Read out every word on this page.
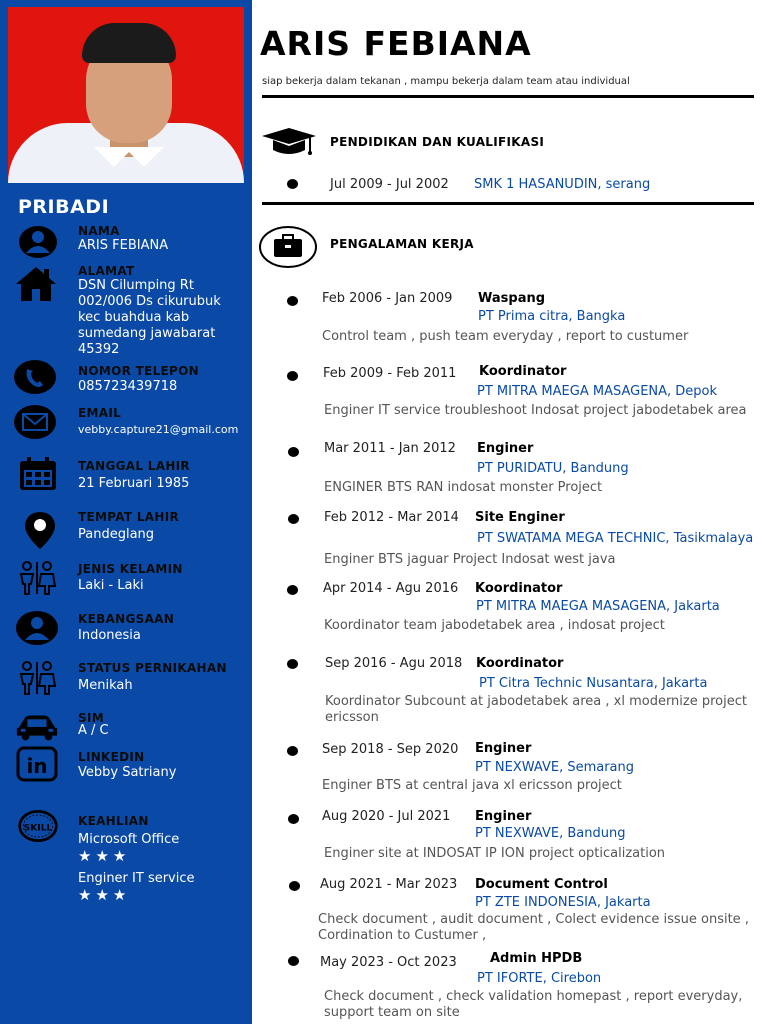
PRIBADI
NAMA
ARIS FEBIANA
ALAMAT
DSN Cilumping Rt 002/006 Ds cikurubuk kec buahdua kab sumedang jawabarat 45392
NOMOR TELEPON
085723439718
EMAIL
vebby.capture21@gmail.com
TANGGAL LAHIR
21 Februari 1985
TEMPAT LAHIR
Pandeglang
JENIS KELAMIN
Laki - Laki
KEBANGSAAN
Indonesia
STATUS PERNIKAHAN
Menikah
SIM
A / C
in	LINKEDIN
Vebby Satriany
SKILL
KEAHLIAN
Microsoft Office
★★★
Enginer IT service
★★★
ARIS FEBIANA
siap bekerja dalam tekanan , mampu bekerja dalam team atau individual
PENDIDIKAN DAN KUALIFIKASI
Jul 2009 - Jul 2002 SMK 1 HASANUDIN, serang
PENGALAMAN KERJA
Feb 2006 - Jan 2009 Waspang
PT Prima citra, Bangka
Control team , push team everyday , report to custumer
Feb 2009 - Feb 2011 Koordinator
PT MITRA MAEGA MASAGENA, Depok
Enginer IT service troubleshoot Indosat project jabodetabek area
Mar 2011 - Jan 2012 Enginer
PT PURIDATU, Bandung
ENGINER BTS RAN indosat monster Project
Feb 2012 - Mar 2014 Site Enginer
PT SWATAMA MEGA TECHNIC, Tasikmalaya
Enginer BTS jaguar Project Indosat west java
Apr 2014 - Agu 2016 Koordinator
PT MITRA MAEGA MASAGENA, Jakarta
Koordinator team jabodetabek area , indosat project
Sep 2016 - Agu 2018 Koordinator
PT Citra Technic Nusantara, Jakarta
Koordinator Subcount at jabodetabek area , xl modernize project ericsson
Sep 2018 - Sep 2020 Enginer
PT NEXWAVE, Semarang
Enginer BTS at central java xl ericsson project
Aug 2020 - Jul 2021 Enginer
PT NEXWAVE, Bandung
Enginer site at INDOSAT IP ION project opticalization
Aug 2021 - Mar 2023 Document Control
PT ZTE INDONESIA, Jakarta
Check document , audit document , Colect evidence issue onsite , Cordination to Custumer ,
May 2023 - Oct 2023	Admin HPDB
PT IFORTE, Cirebon
Check document , check validation homepast , report everyday, support team on site
